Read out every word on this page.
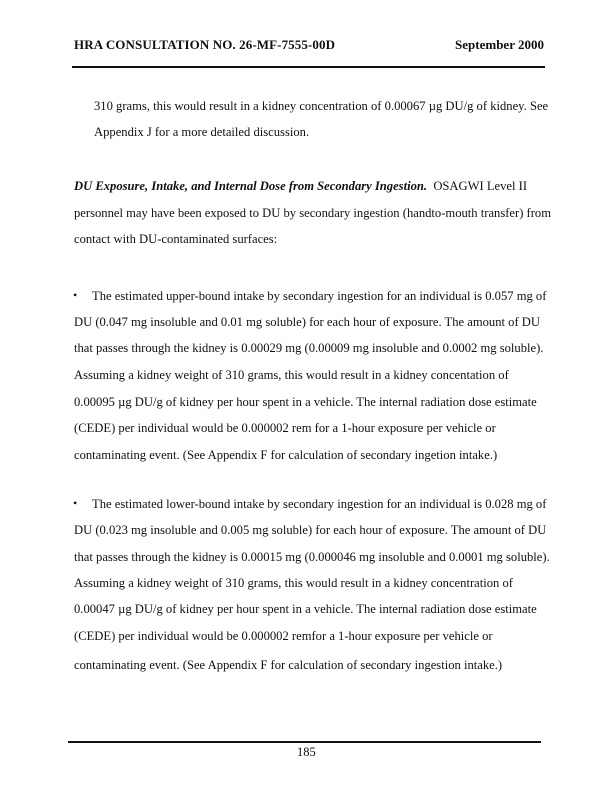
HRA CONSULTATION NO. 26-MF-7555-00D	September 2000
310 grams, this would result in a kidney concentration of 0.00067 µg DU/g of kidney. See
Appendix J for a more detailed discussion.
DU Exposure, Intake, and Internal Dose from Secondary Ingestion. OSAGWI Level II
personnel may have been exposed to DU by secondary ingestion (handto-mouth transfer) from
contact with DU-contaminated surfaces:
• The estimated upper-bound intake by secondary ingestion for an individual is 0.057 mg of
DU (0.047 mg insoluble and 0.01 mg soluble) for each hour of exposure. The amount of DU
that passes through the kidney is 0.00029 mg (0.00009 mg insoluble and 0.0002 mg soluble).
Assuming a kidney weight of 310 grams, this would result in a kidney concentation of
0.00095 µg DU/g of kidney per hour spent in a vehicle. The internal radiation dose estimate
(CEDE) per individual would be 0.000002 rem for a 1-hour exposure per vehicle or
contaminating event. (See Appendix F for calculation of secondary ingetion intake.)
• The estimated lower-bound intake by secondary ingestion for an individual is 0.028 mg of
DU (0.023 mg insoluble and 0.005 mg soluble) for each hour of exposure. The amount of DU
that passes through the kidney is 0.00015 mg (0.000046 mg insoluble and 0.0001 mg soluble).
Assuming a kidney weight of 310 grams, this would result in a kidney concentration of
0.00047 µg DU/g of kidney per hour spent in a vehicle. The internal radiation dose estimate
(CEDE) per individual would be 0.000002 remfor a 1-hour exposure per vehicle or
contaminating event. (See Appendix F for calculation of secondary ingestion intake.)
185
